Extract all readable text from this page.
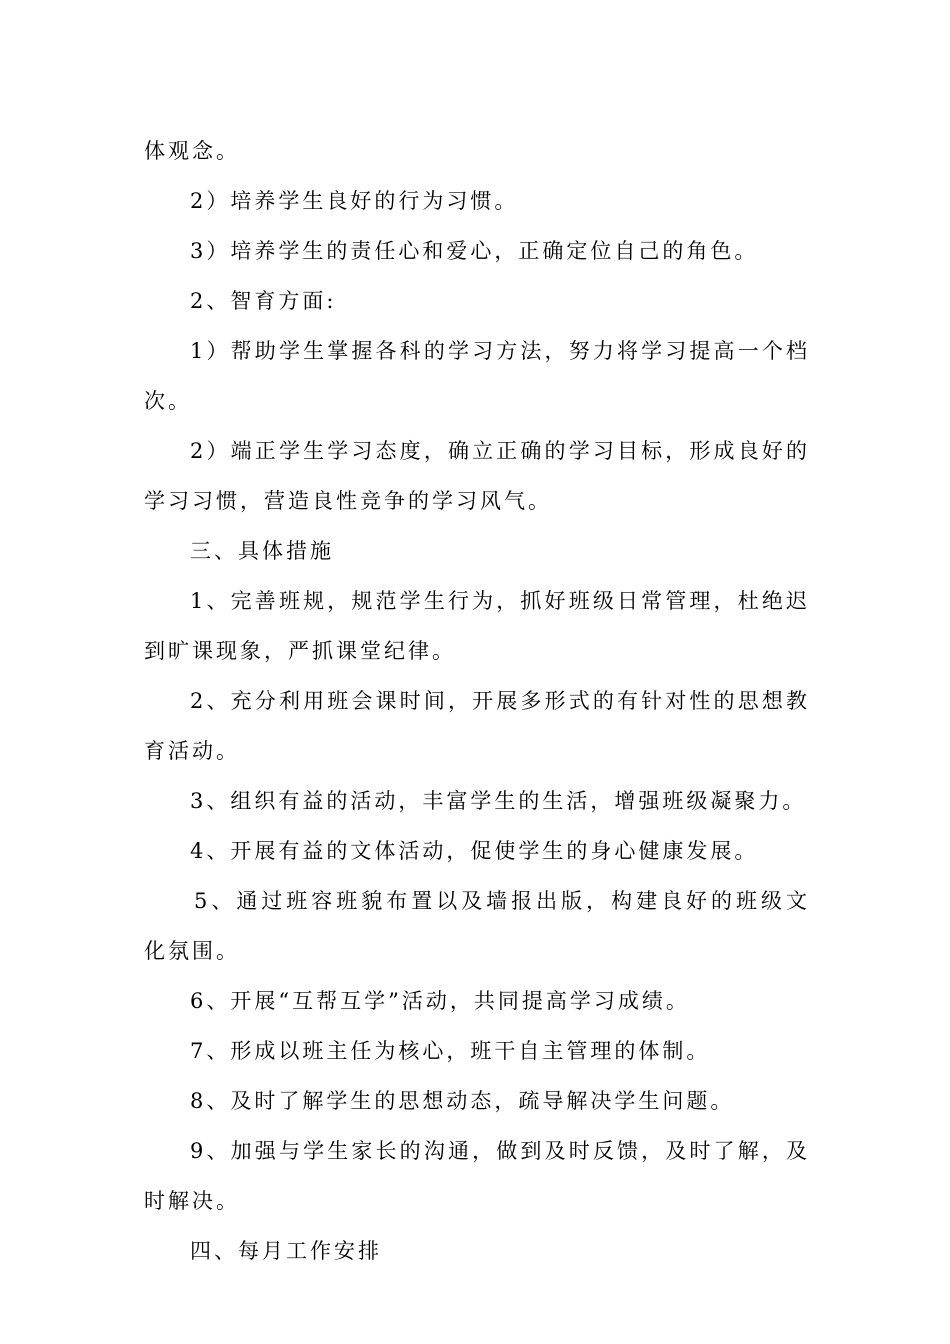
体观念。

2）培养学生良好的行为习惯。

3）培养学生的责任心和爱心，正确定位自己的角色。

2、智育方面:

1）帮助学生掌握各科的学习方法，努力将学习提高一个档次。

2）端正学生学习态度，确立正确的学习目标，形成良好的学习习惯，营造良性竞争的学习风气。

三、具体措施

1、完善班规，规范学生行为，抓好班级日常管理，杜绝迟到旷课现象，严抓课堂纪律。

2、充分利用班会课时间，开展多形式的有针对性的思想教育活动。

3、组织有益的活动，丰富学生的生活，增强班级凝聚力。

4、开展有益的文体活动，促使学生的身心健康发展。

5、通过班容班貌布置以及墙报出版，构建良好的班级文化氛围。

6、开展“互帮互学”活动，共同提高学习成绩。

7、形成以班主任为核心，班干自主管理的体制。

8、及时了解学生的思想动态，疏导解决学生问题。

9、加强与学生家长的沟通，做到及时反馈，及时了解，及时解决。

四、每月工作安排
